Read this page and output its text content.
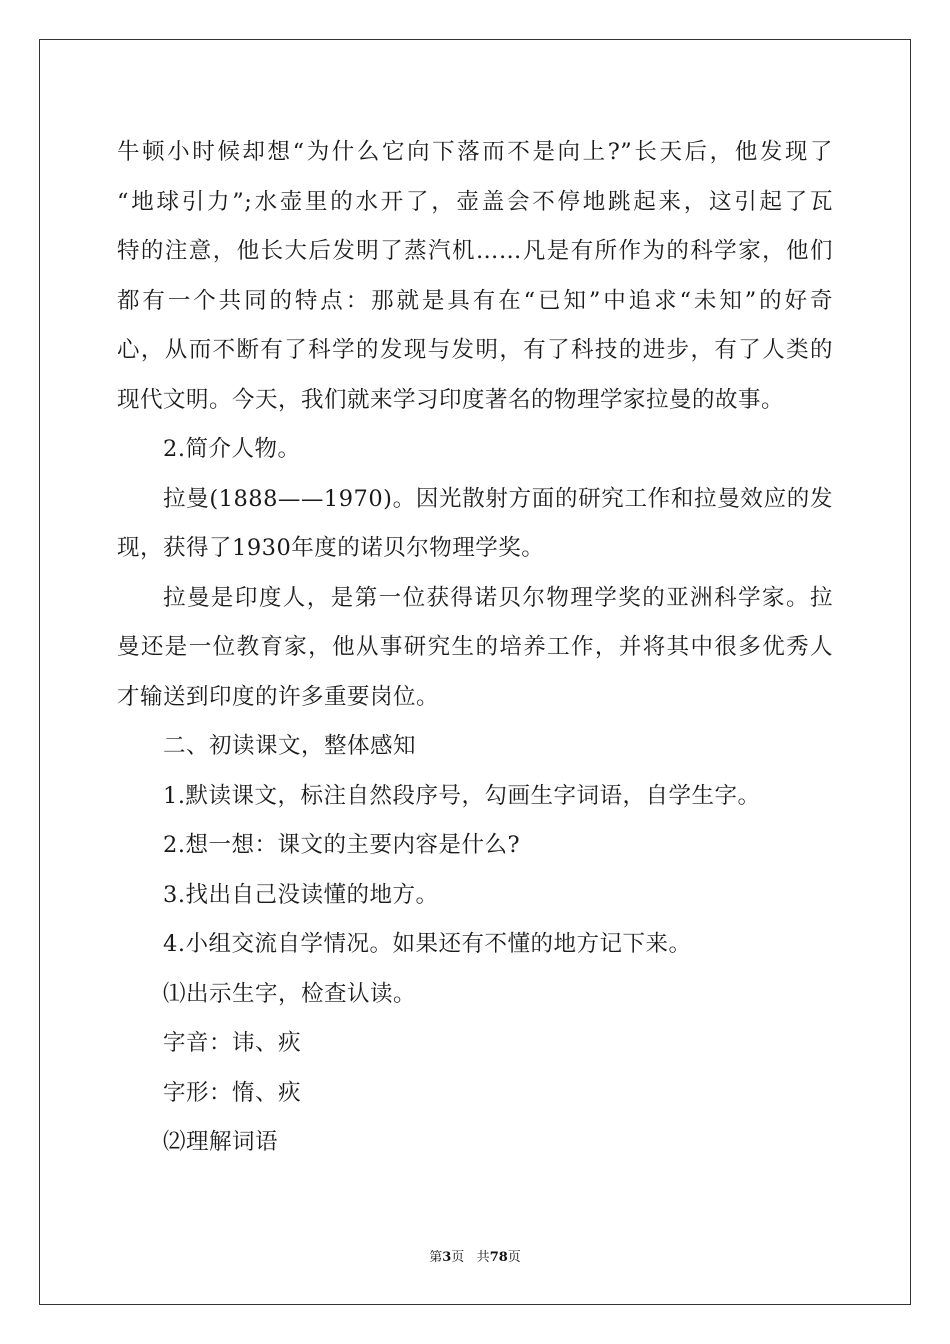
牛顿小时候却想“为什么它向下落而不是向上?”长天后，他发现了
“地球引力”;水壶里的水开了，壶盖会不停地跳起来，这引起了瓦
特的注意，他长大后发明了蒸汽机……凡是有所作为的科学家，他们
都有一个共同的特点：那就是具有在“已知”中追求“未知”的好奇
心，从而不断有了科学的发现与发明，有了科技的进步，有了人类的
现代文明。今天，我们就来学习印度著名的物理学家拉曼的故事。
2.简介人物。
拉曼(1888——1970)。因光散射方面的研究工作和拉曼效应的发
现，获得了1930年度的诺贝尔物理学奖。
拉曼是印度人，是第一位获得诺贝尔物理学奖的亚洲科学家。拉
曼还是一位教育家，他从事研究生的培养工作，并将其中很多优秀人
才输送到印度的许多重要岗位。
二、初读课文，整体感知
1.默读课文，标注自然段序号，勾画生字词语，自学生字。
2.想一想：课文的主要内容是什么?
3.找出自己没读懂的地方。
4.小组交流自学情况。如果还有不懂的地方记下来。
⑴出示生字，检查认读。
字音：讳、疢
字形：惰、疢
⑵理解词语
第3页 共78页
